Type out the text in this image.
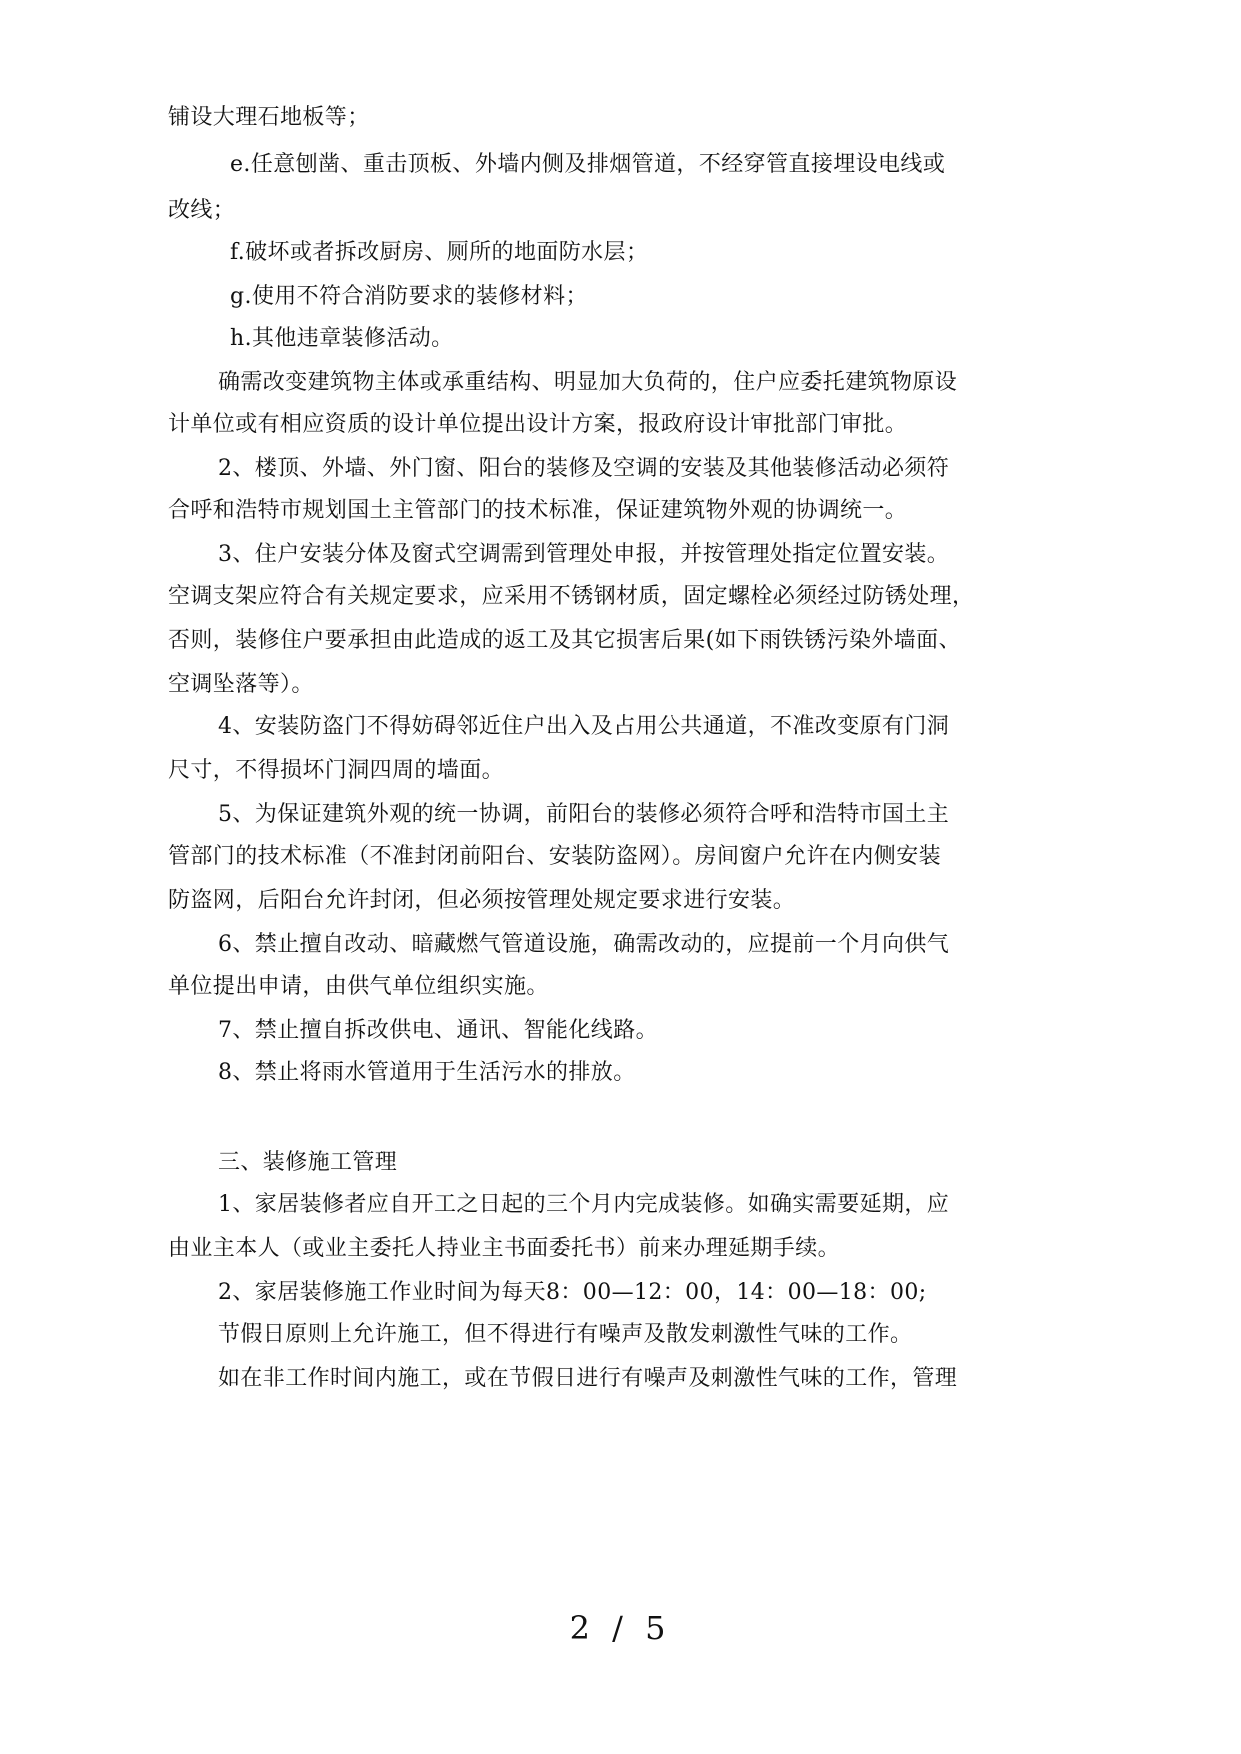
铺设大理石地板等；
e.任意刨凿、重击顶板、外墙内侧及排烟管道，不经穿管直接埋设电线或
改线；
f.破坏或者拆改厨房、厕所的地面防水层；
g.使用不符合消防要求的装修材料；
h.其他违章装修活动。
确需改变建筑物主体或承重结构、明显加大负荷的，住户应委托建筑物原设
计单位或有相应资质的设计单位提出设计方案，报政府设计审批部门审批。
2、楼顶、外墙、外门窗、阳台的装修及空调的安装及其他装修活动必须符
合呼和浩特市规划国土主管部门的技术标准，保证建筑物外观的协调统一。
3、住户安装分体及窗式空调需到管理处申报，并按管理处指定位置安装。
空调支架应符合有关规定要求，应采用不锈钢材质，固定螺栓必须经过防锈处理，
否则，装修住户要承担由此造成的返工及其它损害后果(如下雨铁锈污染外墙面、
空调坠落等）。
4、安装防盗门不得妨碍邻近住户出入及占用公共通道，不准改变原有门洞
尺寸，不得损坏门洞四周的墙面。
5、为保证建筑外观的统一协调，前阳台的装修必须符合呼和浩特市国土主
管部门的技术标准（不准封闭前阳台、安装防盗网）。房间窗户允许在内侧安装
防盗网，后阳台允许封闭，但必须按管理处规定要求进行安装。
6、禁止擅自改动、暗藏燃气管道设施，确需改动的，应提前一个月向供气
单位提出申请，由供气单位组织实施。
7、禁止擅自拆改供电、通讯、智能化线路。
8、禁止将雨水管道用于生活污水的排放。
三、装修施工管理
1、家居装修者应自开工之日起的三个月内完成装修。如确实需要延期，应
由业主本人（或业主委托人持业主书面委托书）前来办理延期手续。
2、家居装修施工作业时间为每天8：00—12：00，14：00—18：00;
节假日原则上允许施工，但不得进行有噪声及散发刺激性气味的工作。
如在非工作时间内施工，或在节假日进行有噪声及刺激性气味的工作，管理
2 / 5
